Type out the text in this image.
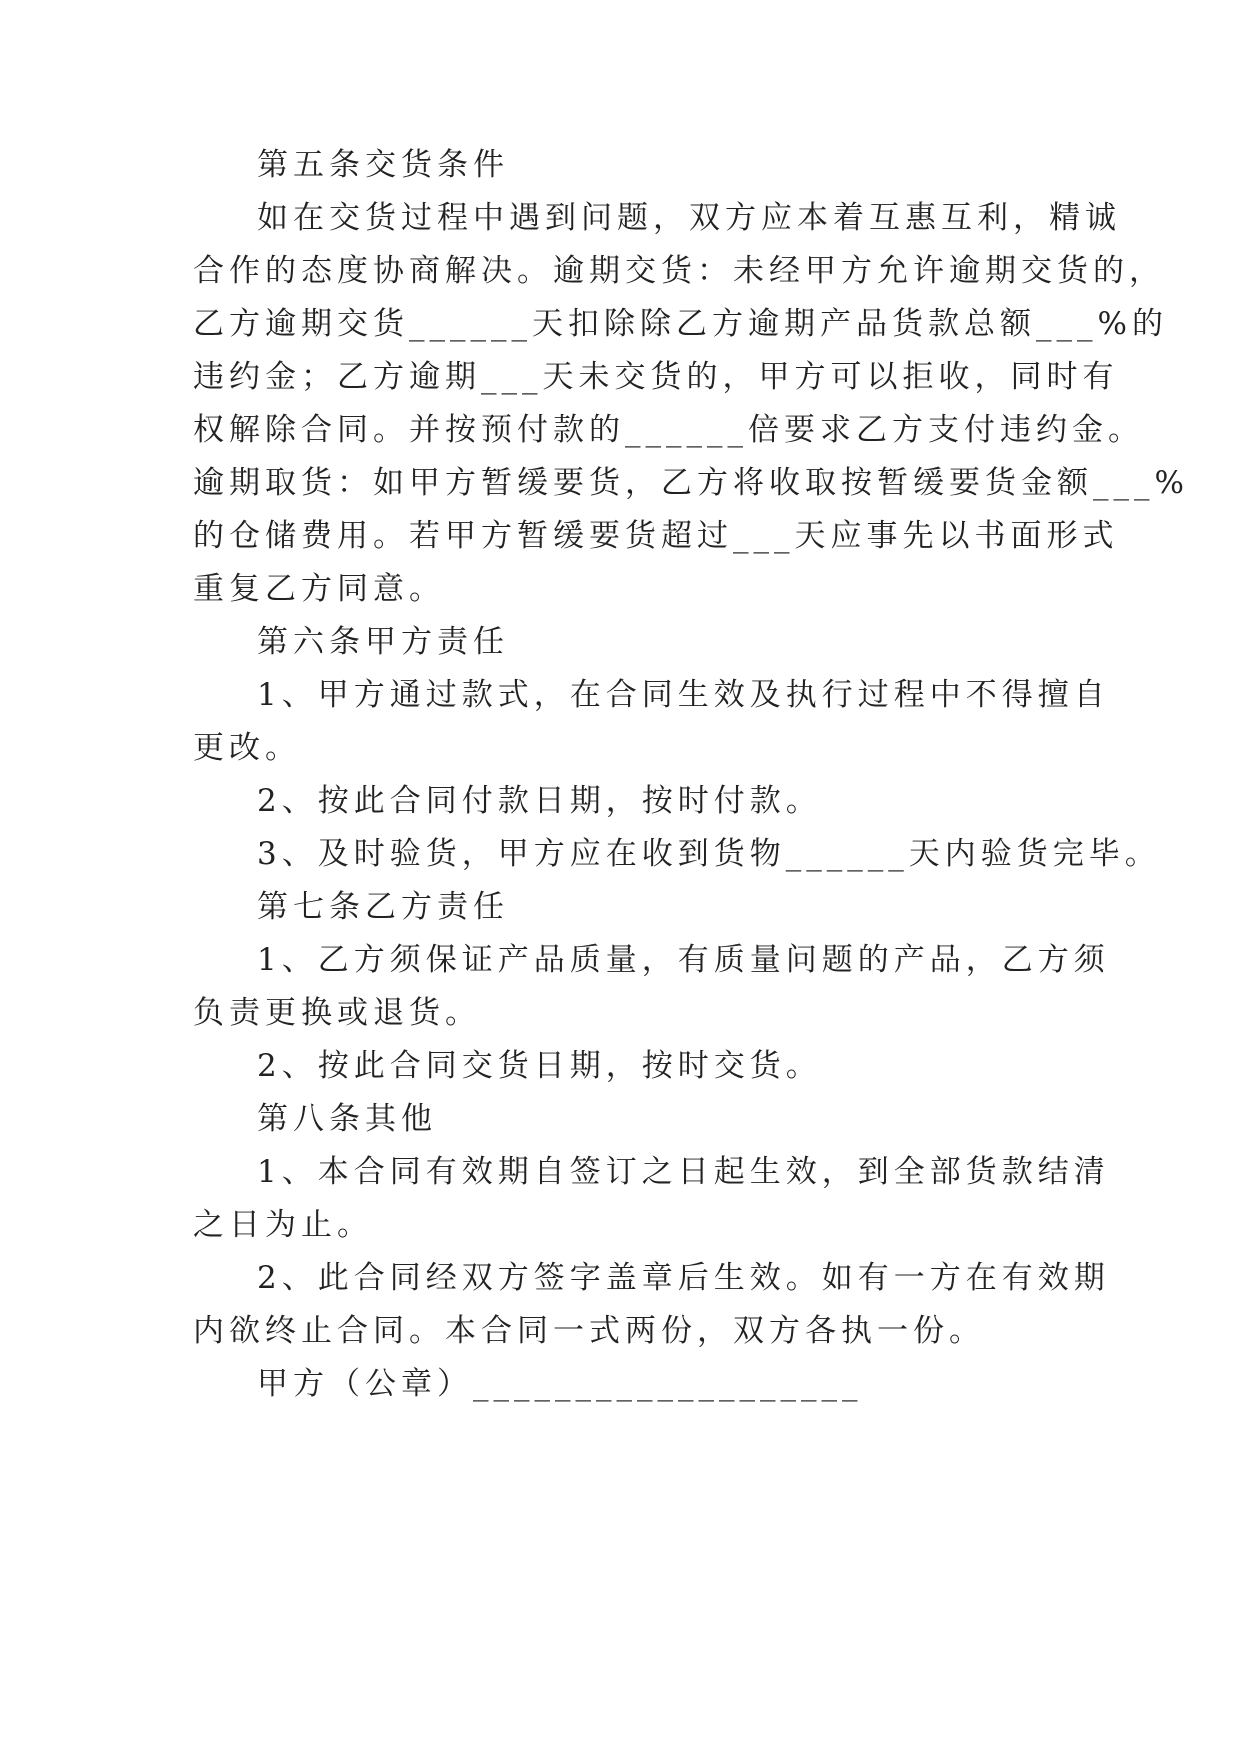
第五条交货条件
如在交货过程中遇到问题，双方应本着互惠互利，精诚
合作的态度协商解决。逾期交货：未经甲方允许逾期交货的，
乙方逾期交货______天扣除除乙方逾期产品货款总额___%的
违约金；乙方逾期___天未交货的，甲方可以拒收，同时有
权解除合同。并按预付款的______倍要求乙方支付违约金。
逾期取货：如甲方暂缓要货，乙方将收取按暂缓要货金额___%
的仓储费用。若甲方暂缓要货超过___天应事先以书面形式
重复乙方同意。
第六条甲方责任
1、甲方通过款式，在合同生效及执行过程中不得擅自
更改。
2、按此合同付款日期，按时付款。
3、及时验货，甲方应在收到货物______天内验货完毕。
第七条乙方责任
1、乙方须保证产品质量，有质量问题的产品，乙方须
负责更换或退货。
2、按此合同交货日期，按时交货。
第八条其他
1、本合同有效期自签订之日起生效，到全部货款结清
之日为止。
2、此合同经双方签字盖章后生效。如有一方在有效期
内欲终止合同。本合同一式两份，双方各执一份。
甲方（公章）___________________
